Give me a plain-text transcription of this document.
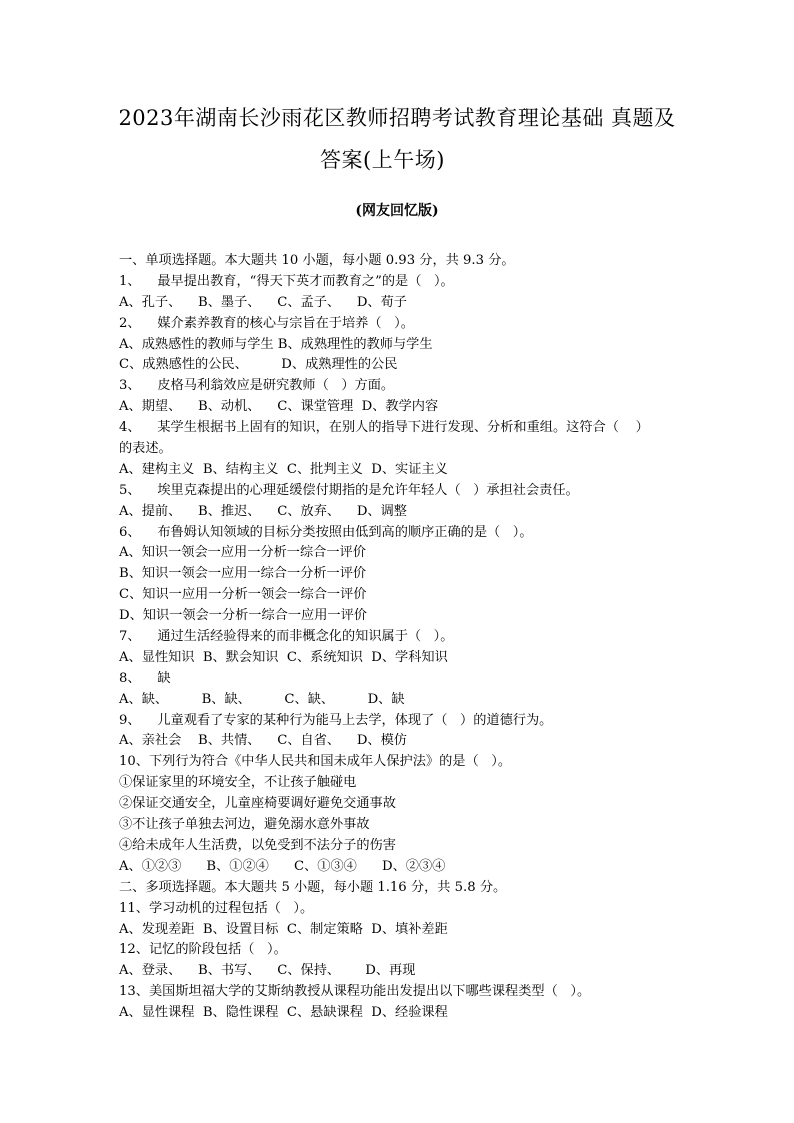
2023年湖南长沙雨花区教师招聘考试教育理论基础 真题及
答案(上午场)
(网友回忆版)
一、单项选择题。本大题共 10 小题，每小题 0.93 分，共 9.3 分。
1、    最早提出教育，“得天下英才而教育之”的是（   ）。
A、孔子、    B、墨子、    C、孟子、    D、荀子
2、    媒介素养教育的核心与宗旨在于培养（   ）。
A、成熟感性的教师与学生 B、成熟理性的教师与学生
C、成熟感性的公民、        D、成熟理性的公民
3、    皮格马利翁效应是研究教师（   ）方面。
A、期望、    B、动机、    C、课堂管理  D、教学内容
4、    某学生根据书上固有的知识，在别人的指导下进行发现、分析和重组。这符合（    ）
的表述。
A、建构主义  B、结构主义  C、批判主义  D、实证主义
5、    埃里克森提出的心理延缓偿付期指的是允许年轻人（   ）承担社会责任。
A、提前、    B、推迟、    C、放弃、    D、调整
6、    布鲁姆认知领域的目标分类按照由低到高的顺序正确的是（   ）。
A、知识一领会一应用一分析一综合一评价
B、知识一领会一应用一综合一分析一评价
C、知识一应用一分析一领会一综合一评价
D、知识一领会一分析一综合一应用一评价
7、    通过生活经验得来的而非概念化的知识属于（   ）。
A、显性知识  B、默会知识  C、系统知识  D、学科知识
8、    缺
A、缺、        B、缺、        C、缺、        D、缺
9、    儿童观看了专家的某种行为能马上去学，体现了（   ）的道德行为。
A、亲社会    B、共情、    C、自省、    D、模仿
10、下列行为符合《中华人民共和国未成年人保护法》的是（   ）。
①保证家里的环境安全，不让孩子触碰电
②保证交通安全，儿童座椅要调好避免交通事故
③不让孩子单独去河边，避免溺水意外事故
④给未成年人生活费，以免受到不法分子的伤害
A、①②③      B、①②④      C、①③④      D、②③④
二、多项选择题。本大题共 5 小题，每小题 1.16 分，共 5.8 分。
11、学习动机的过程包括（   ）。
A、发现差距  B、设置目标  C、制定策略  D、填补差距
12、记忆的阶段包括（   ）。
A、登录、    B、书写、    C、保持、      D、再现
13、美国斯坦福大学的艾斯纳教授从课程功能出发提出以下哪些课程类型（   ）。
A、显性课程  B、隐性课程  C、悬缺课程  D、经验课程
